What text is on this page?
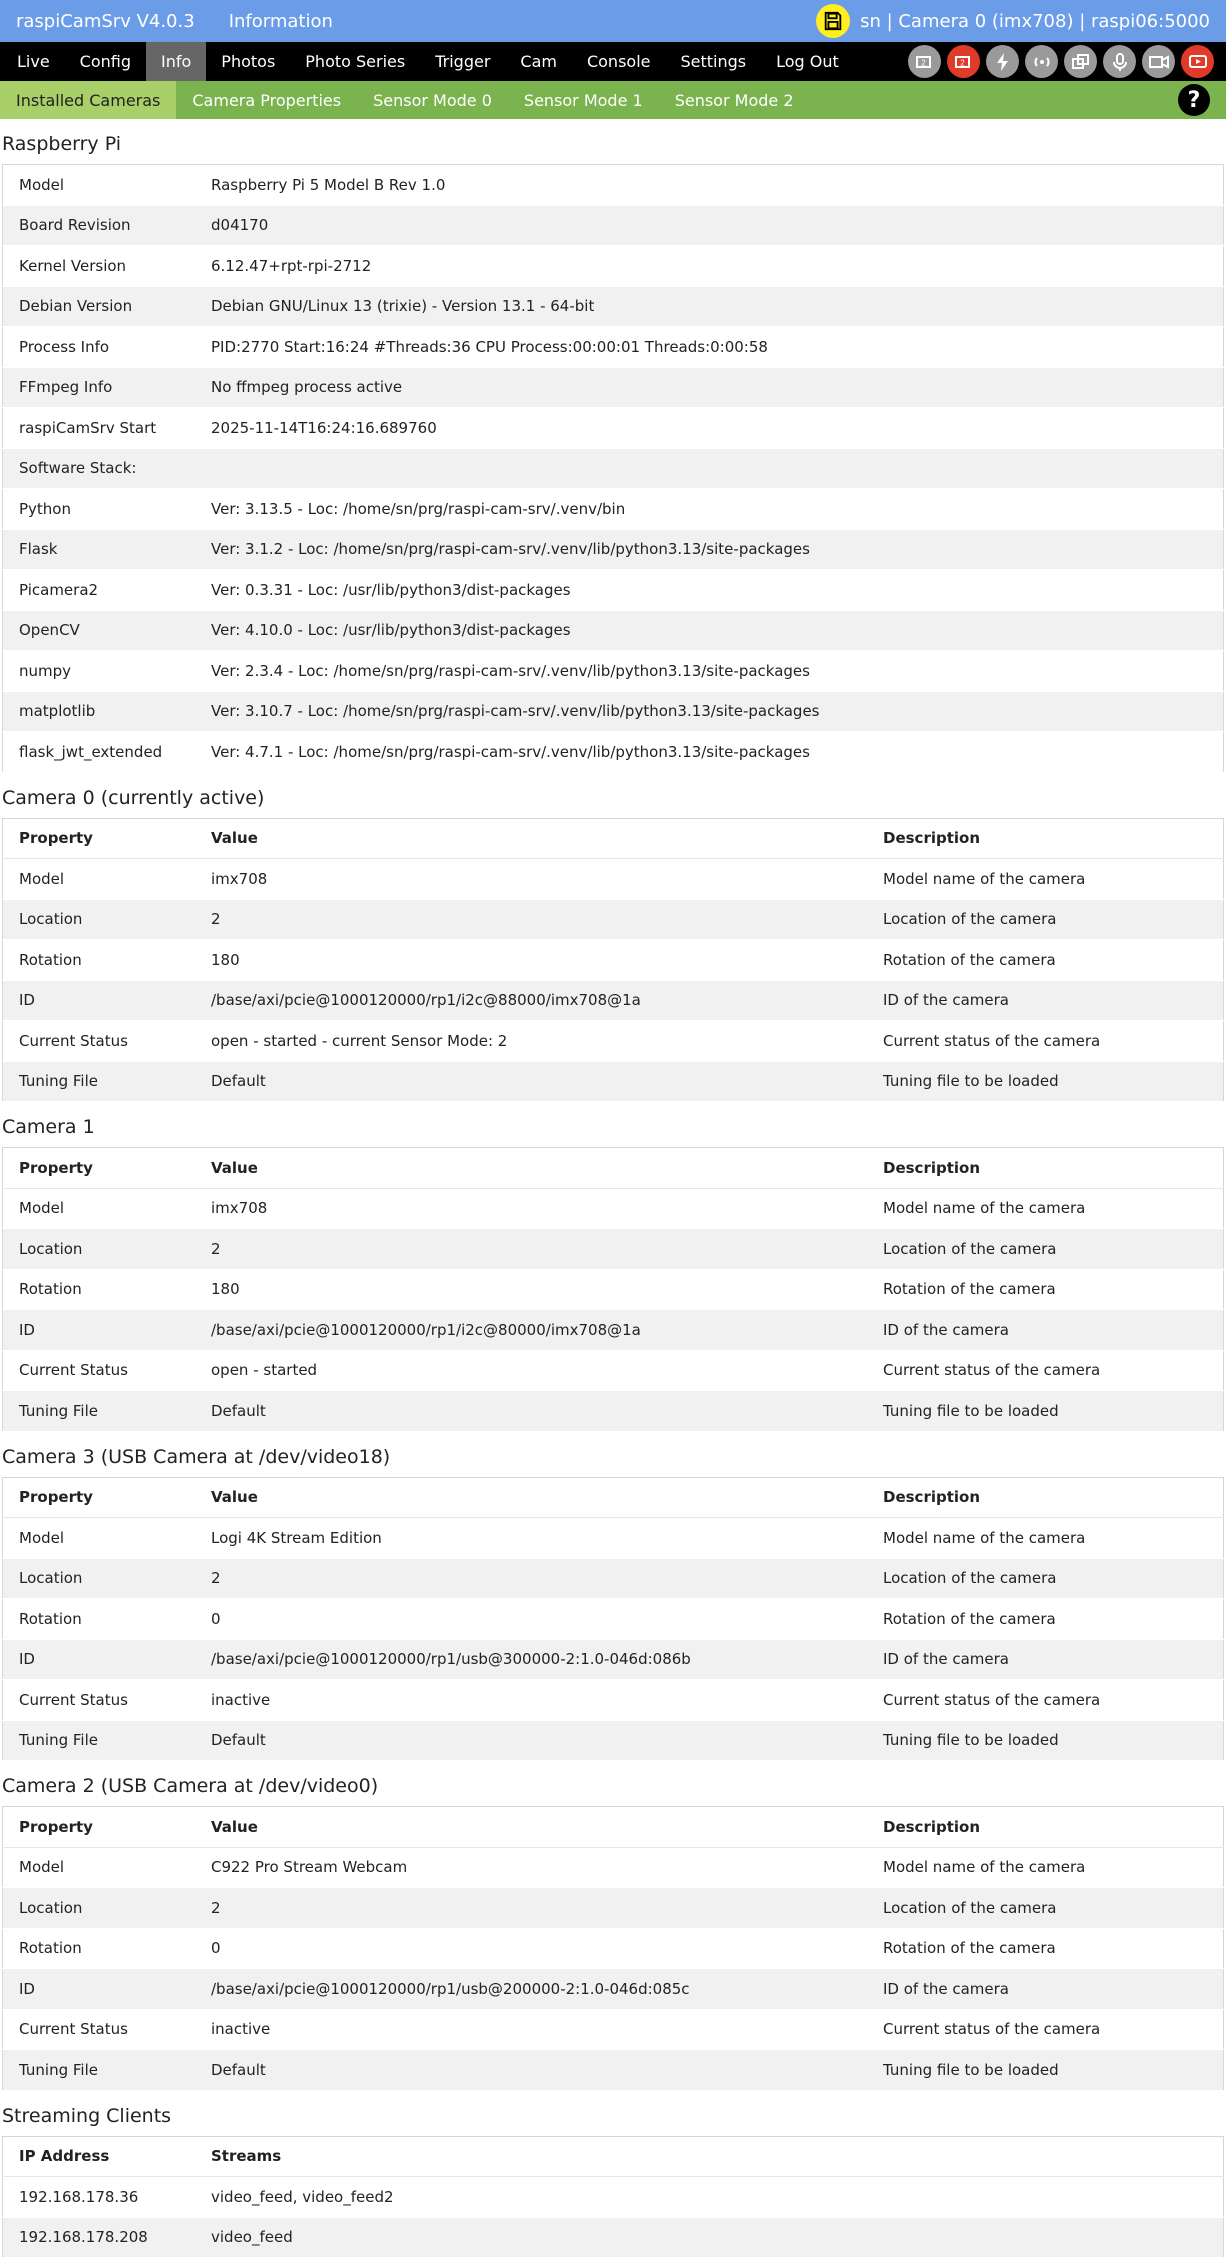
raspiCamSrv V4.0.3 Information	sn | Camera 0 (imx708) | raspi06:5000
Live	Config	Info	Photos	Photo Series	Trigger	Cam	Console	Settings	Log Out	2	2
Installed Cameras	Camera Properties	Sensor Mode 0	Sensor Mode 1	Sensor Mode 2	?
Raspberry Pi
Model	Raspberry Pi 5 Model B Rev 1.0
Board Revision	d04170
Kernel Version	6.12.47+rpt-rpi-2712
Debian Version	Debian GNU/Linux 13 (trixie) - Version 13.1 - 64-bit
Process Info	PID:2770 Start:16:24 #Threads:36 CPU Process:00:00:01 Threads:0:00:58
FFmpeg Info	No ffmpeg process active
raspiCamSrv Start	2025-11-14T16:24:16.689760
Software Stack:	
Python	Ver: 3.13.5 - Loc: /home/sn/prg/raspi-cam-srv/.venv/bin
Flask	Ver: 3.1.2 - Loc: /home/sn/prg/raspi-cam-srv/.venv/lib/python3.13/site-packages
Picamera2	Ver: 0.3.31 - Loc: /usr/lib/python3/dist-packages
OpenCV	Ver: 4.10.0 - Loc: /usr/lib/python3/dist-packages
numpy	Ver: 2.3.4 - Loc: /home/sn/prg/raspi-cam-srv/.venv/lib/python3.13/site-packages
matplotlib	Ver: 3.10.7 - Loc: /home/sn/prg/raspi-cam-srv/.venv/lib/python3.13/site-packages
flask_jwt_extended	Ver: 4.7.1 - Loc: /home/sn/prg/raspi-cam-srv/.venv/lib/python3.13/site-packages
Camera 0 (currently active)
Property	Value	Description
Model	imx708	Model name of the camera
Location	2	Location of the camera
Rotation	180	Rotation of the camera
ID	/base/axi/pcie@1000120000/rp1/i2c@88000/imx708@1a	ID of the camera
Current Status	open - started - current Sensor Mode: 2	Current status of the camera
Tuning File	Default	Tuning file to be loaded
Camera 1
Property	Value	Description
Model	imx708	Model name of the camera
Location	2	Location of the camera
Rotation	180	Rotation of the camera
ID	/base/axi/pcie@1000120000/rp1/i2c@80000/imx708@1a	ID of the camera
Current Status	open - started	Current status of the camera
Tuning File	Default	Tuning file to be loaded
Camera 3 (USB Camera at /dev/video18)
Property	Value	Description
Model	Logi 4K Stream Edition	Model name of the camera
Location	2	Location of the camera
Rotation	0	Rotation of the camera
ID	/base/axi/pcie@1000120000/rp1/usb@300000-2:1.0-046d:086b	ID of the camera
Current Status	inactive	Current status of the camera
Tuning File	Default	Tuning file to be loaded
Camera 2 (USB Camera at /dev/video0)
Property	Value	Description
Model	C922 Pro Stream Webcam	Model name of the camera
Location	2	Location of the camera
Rotation	0	Rotation of the camera
ID	/base/axi/pcie@1000120000/rp1/usb@200000-2:1.0-046d:085c	ID of the camera
Current Status	inactive	Current status of the camera
Tuning File	Default	Tuning file to be loaded
Streaming Clients
IP Address	Streams
192.168.178.36	video_feed, video_feed2
192.168.178.208	video_feed
